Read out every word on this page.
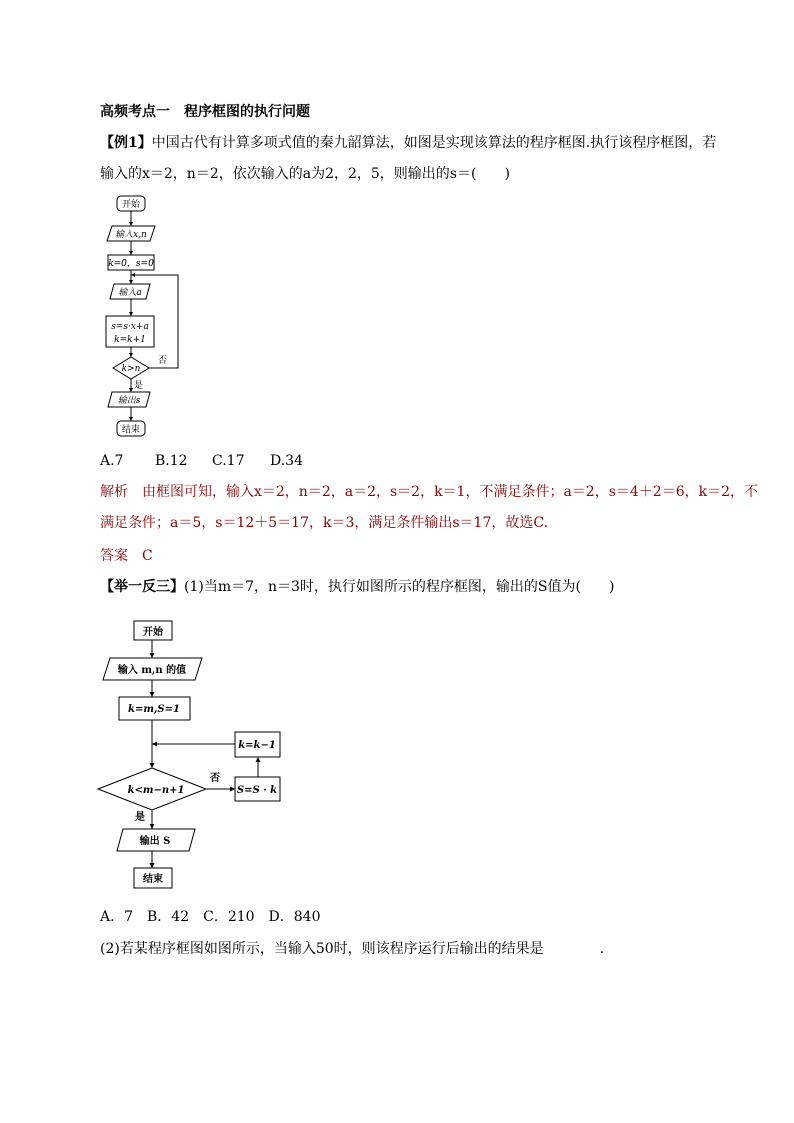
高频考点一　程序框图的执行问题
【例1】中国古代有计算多项式值的秦九韶算法，如图是实现该算法的程序框图.执行该程序框图，若
输入的x＝2，n＝2，依次输入的a为2，2，5，则输出的s＝(　　)
开始
输入x,n
k=0，s=0
输入a
s=s·x+a
k=k+1
k>n
否
是
输出s
结束
A.7 B.12 C.17 D.34
解析　 由框图可知，输入x＝2，n＝2，a＝2，s＝2，k＝1，不满足条件；a＝2，s＝4＋2＝6，k＝2，不
满足条件；a＝5，s＝12＋5＝17，k＝3，满足条件输出s＝17，故选C.
答案　 C
【举一反三】(1)当m＝7，n＝3时，执行如图所示的程序框图，输出的S值为(　　)
开始
输入 m,n 的值
k=m,S=1
k<m−n+1
否
S=S · k
k=k−1
是
输出 S
结束
A．7　B．42　C．210　D．840
(2)若某程序框图如图所示，当输入50时，则该程序运行后输出的结果是　　　　.
